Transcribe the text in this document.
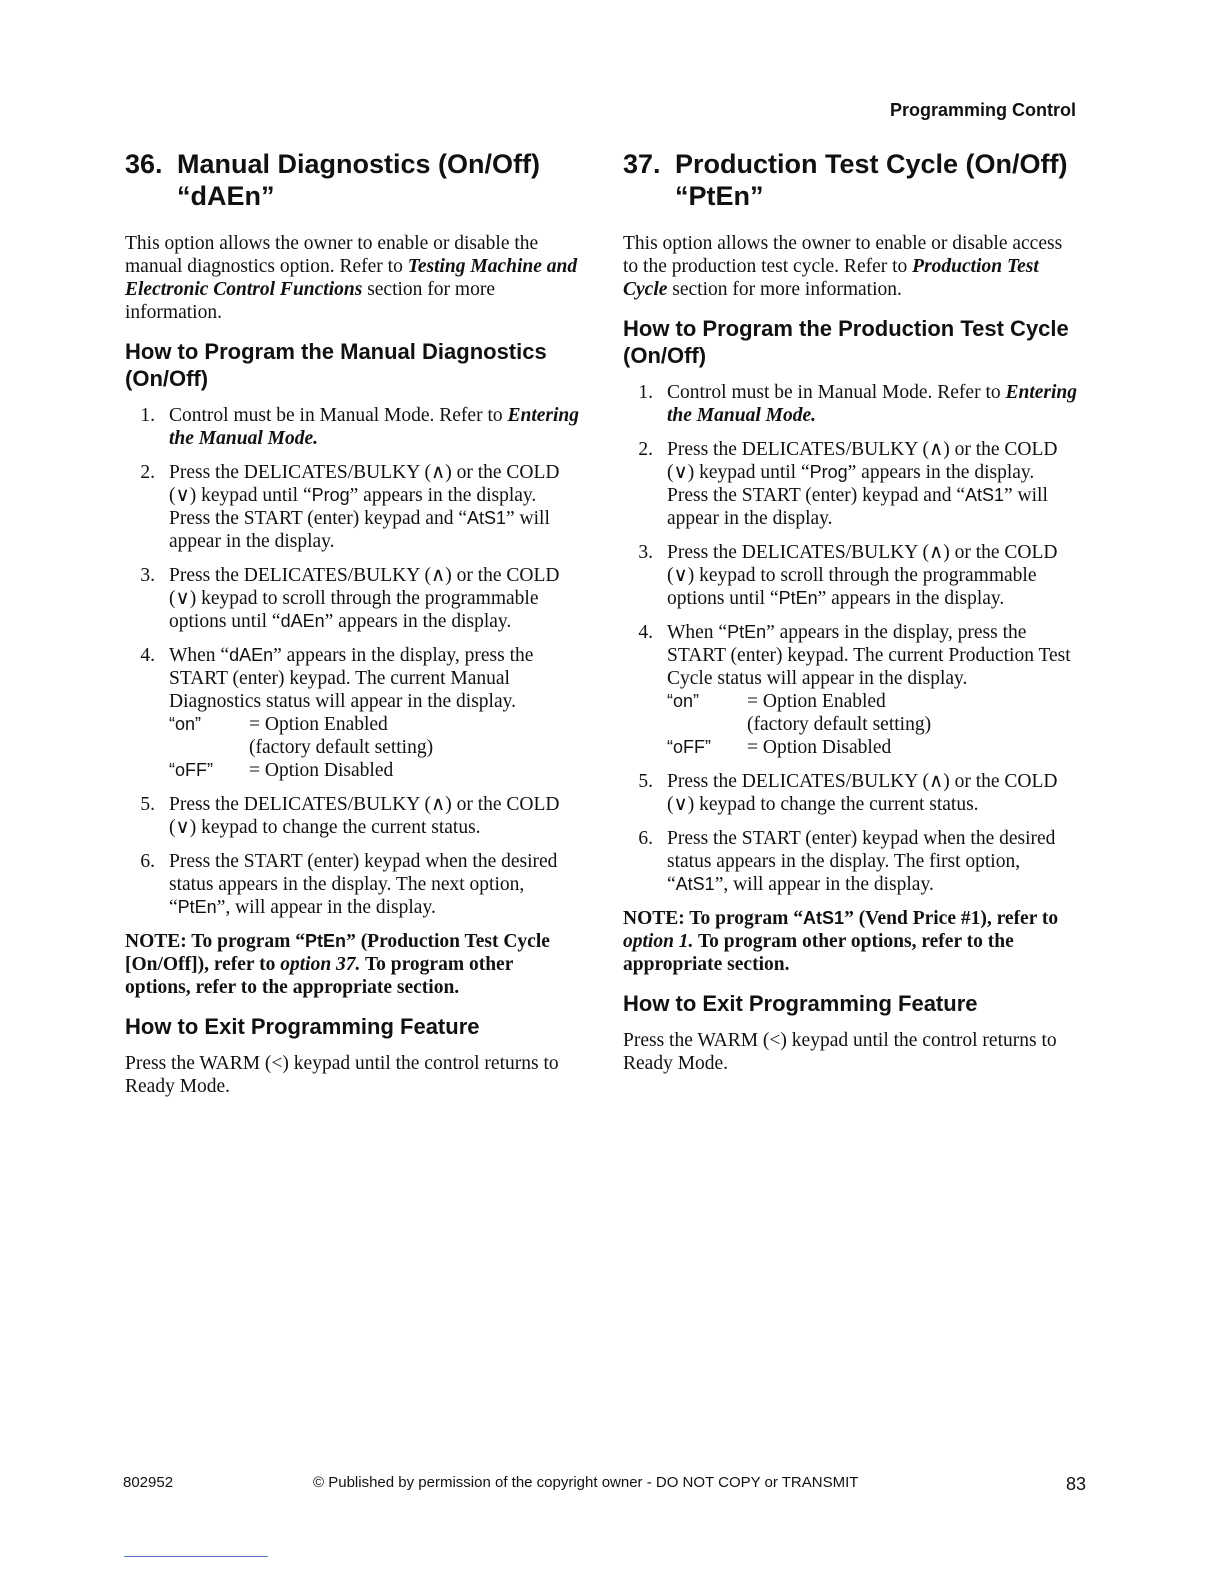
Programming Control
36. Manual Diagnostics (On/Off)
“dAEn”

This option allows the owner to enable or disable the manual diagnostics option. Refer to Testing Machine and Electronic Control Functions section for more information.

How to Program the Manual Diagnostics (On/Off)
1. Control must be in Manual Mode. Refer to Entering the Manual Mode.
2. Press the DELICATES/BULKY (∧) or the COLD (∨) keypad until “Prog” appears in the display. Press the START (enter) keypad and “AtS1” will appear in the display.
3. Press the DELICATES/BULKY (∧) or the COLD (∨) keypad to scroll through the programmable options until “dAEn” appears in the display.
4. When “dAEn” appears in the display, press the START (enter) keypad. The current Manual Diagnostics status will appear in the display.
“on”	= Option Enabled
(factory default setting)
“oFF”	= Option Disabled
5. Press the DELICATES/BULKY (∧) or the COLD (∨) keypad to change the current status.
6. Press the START (enter) keypad when the desired status appears in the display. The next option, “PtEn”, will appear in the display.

NOTE: To program “PtEn” (Production Test Cycle [On/Off]), refer to option 37. To program other options, refer to the appropriate section.

How to Exit Programming Feature

Press the WARM (<) keypad until the control returns to Ready Mode.

37. Production Test Cycle (On/Off)
“PtEn”

This option allows the owner to enable or disable access to the production test cycle. Refer to Production Test Cycle section for more information.

How to Program the Production Test Cycle (On/Off)
1. Control must be in Manual Mode. Refer to Entering the Manual Mode.
2. Press the DELICATES/BULKY (∧) or the COLD (∨) keypad until “Prog” appears in the display. Press the START (enter) keypad and “AtS1” will appear in the display.
3. Press the DELICATES/BULKY (∧) or the COLD (∨) keypad to scroll through the programmable options until “PtEn” appears in the display.
4. When “PtEn” appears in the display, press the START (enter) keypad. The current Production Test Cycle status will appear in the display.
“on”	= Option Enabled
(factory default setting)
“oFF”	= Option Disabled
5. Press the DELICATES/BULKY (∧) or the COLD (∨) keypad to change the current status.
6. Press the START (enter) keypad when the desired status appears in the display. The first option, “AtS1”, will appear in the display.

NOTE: To program “AtS1” (Vend Price #1), refer to option 1. To program other options, refer to the appropriate section.

How to Exit Programming Feature

Press the WARM (<) keypad until the control returns to Ready Mode.

802952	© Published by permission of the copyright owner - DO NOT COPY or TRANSMIT	83
